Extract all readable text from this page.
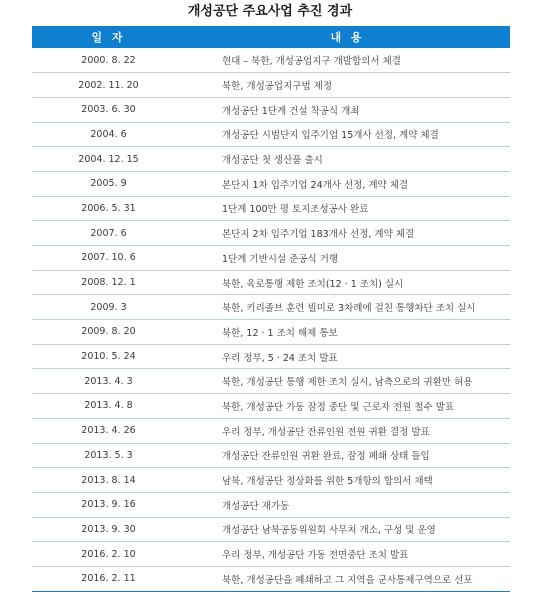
개성공단 주요사업 추진 경과
일 자	내 용
2000. 8. 22	현대 – 북한, 개성공업지구 개발합의서 체결
2002. 11. 20	북한, 개성공업지구법 제정
2003. 6. 30	개성공단 1단계 건설 착공식 개최
2004. 6	개성공단 시범단지 입주기업 15개사 선정, 계약 체결
2004. 12. 15	개성공단 첫 생산품 출시
2005. 9	본단지 1차 입주기업 24개사 선정, 계약 체결
2006. 5. 31	1단계 100만 평 토지조성공사 완료
2007. 6	본단지 2차 입주기업 183개사 선정, 계약 체결
2007. 10. 6	1단계 기반시설 준공식 거행
2008. 12. 1	북한, 육로통행 제한 조치(12 · 1 조치) 실시
2009. 3	북한, 키리졸브 훈련 빌미로 3차례에 걸친 통행차단 조치 실시
2009. 8. 20	북한, 12 · 1 조치 해제 통보
2010. 5. 24	우리 정부, 5 · 24 조치 발표
2013. 4. 3	북한, 개성공단 통행 제한 조치 실시, 남측으로의 귀환만 허용
2013. 4. 8	북한, 개성공단 가동 잠정 중단 및 근로자 전원 철수 발표
2013. 4. 26	우리 정부, 개성공단 잔류인원 전원 귀환 결정 발표
2013. 5. 3	개성공단 잔류인원 귀환 완료, 잠정 폐쇄 상태 돌입
2013. 8. 14	남북, 개성공단 정상화를 위한 5개항의 합의서 채택
2013. 9. 16	개성공단 재가동
2013. 9. 30	개성공단 남북공동위원회 사무처 개소, 구성 및 운영
2016. 2. 10	우리 정부, 개성공단 가동 전면중단 조치 발표
2016. 2. 11	북한, 개성공단을 폐쇄하고 그 지역을 군사통제구역으로 선포
